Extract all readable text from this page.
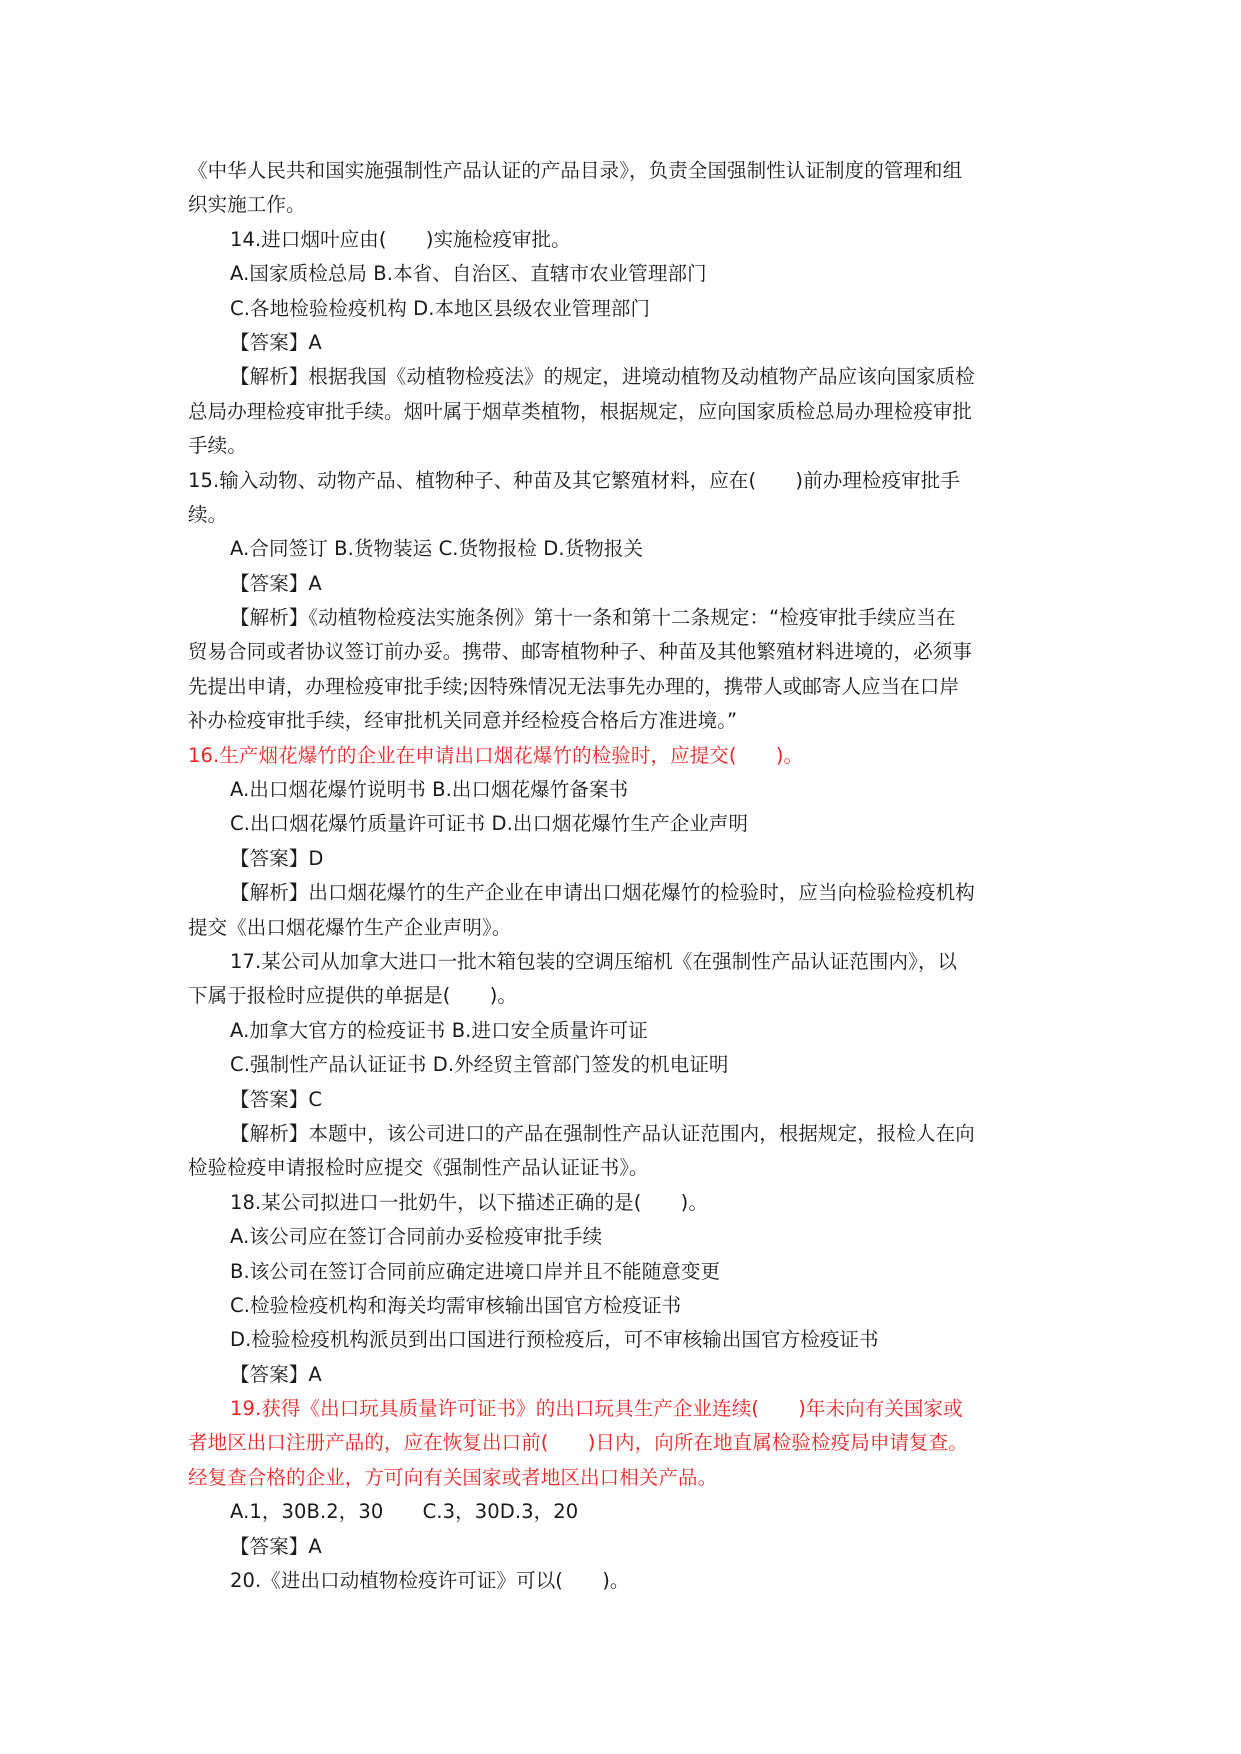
《中华人民共和国实施强制性产品认证的产品目录》，负责全国强制性认证制度的管理和组
织实施工作。
14.进口烟叶应由(　　)实施检疫审批。
A.国家质检总局 B.本省、自治区、直辖市农业管理部门
C.各地检验检疫机构 D.本地区县级农业管理部门
【答案】A
【解析】根据我国《动植物检疫法》的规定，进境动植物及动植物产品应该向国家质检
总局办理检疫审批手续。烟叶属于烟草类植物，根据规定，应向国家质检总局办理检疫审批
手续。
15.输入动物、动物产品、植物种子、种苗及其它繁殖材料，应在(　　)前办理检疫审批手
续。
A.合同签订 B.货物装运 C.货物报检 D.货物报关
【答案】A
【解析】《动植物检疫法实施条例》第十一条和第十二条规定：“检疫审批手续应当在
贸易合同或者协议签订前办妥。携带、邮寄植物种子、种苗及其他繁殖材料进境的，必须事
先提出申请，办理检疫审批手续;因特殊情况无法事先办理的，携带人或邮寄人应当在口岸
补办检疫审批手续，经审批机关同意并经检疫合格后方准进境。”
16.生产烟花爆竹的企业在申请出口烟花爆竹的检验时，应提交(　　)。
A.出口烟花爆竹说明书 B.出口烟花爆竹备案书
C.出口烟花爆竹质量许可证书 D.出口烟花爆竹生产企业声明
【答案】D
【解析】出口烟花爆竹的生产企业在申请出口烟花爆竹的检验时，应当向检验检疫机构
提交《出口烟花爆竹生产企业声明》。
17.某公司从加拿大进口一批木箱包装的空调压缩机《在强制性产品认证范围内》，以
下属于报检时应提供的单据是(　　)。
A.加拿大官方的检疫证书 B.进口安全质量许可证
C.强制性产品认证证书 D.外经贸主管部门签发的机电证明
【答案】C
【解析】本题中，该公司进口的产品在强制性产品认证范围内，根据规定，报检人在向
检验检疫申请报检时应提交《强制性产品认证证书》。
18.某公司拟进口一批奶牛，以下描述正确的是(　　)。
A.该公司应在签订合同前办妥检疫审批手续
B.该公司在签订合同前应确定进境口岸并且不能随意变更
C.检验检疫机构和海关均需审核输出国官方检疫证书
D.检验检疫机构派员到出口国进行预检疫后，可不审核输出国官方检疫证书
【答案】A
19.获得《出口玩具质量许可证书》的出口玩具生产企业连续(　　)年未向有关国家或
者地区出口注册产品的，应在恢复出口前(　　)日内，向所在地直属检验检疫局申请复查。
经复查合格的企业，方可向有关国家或者地区出口相关产品。
A.1，30B.2，30　　C.3，30D.3，20
【答案】A
20.《进出口动植物检疫许可证》可以(　　)。
